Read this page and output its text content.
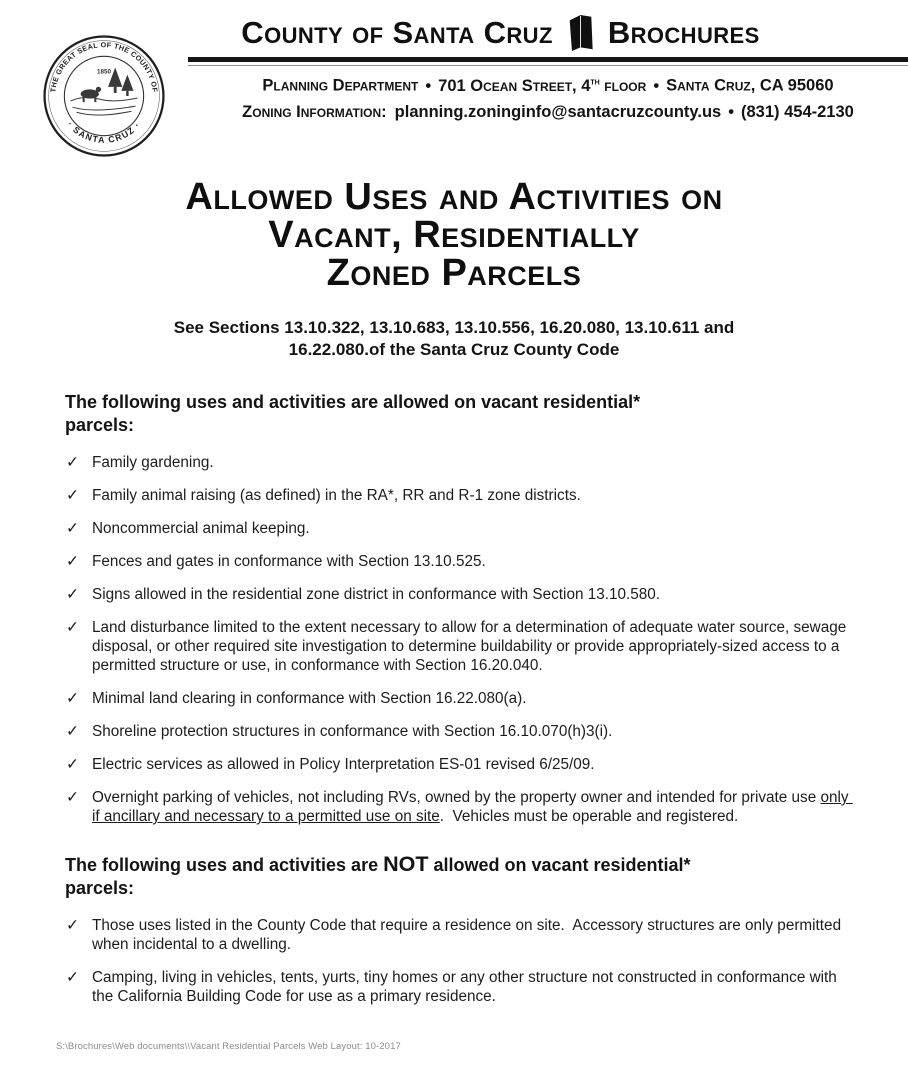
THE GREAT SEAL OF THE COUNTY OF
· SANTA CRUZ ·
1850
County of Santa Cruz Brochures
Planning Department • 701 Ocean Street, 4th floor • Santa Cruz, CA 95060
Zoning Information: planning.zoninginfo@santacruzcounty.us • (831) 454-2130
Allowed Uses and Activities on
Vacant, Residentially
Zoned Parcels
See Sections 13.10.322, 13.10.683, 13.10.556, 16.20.080, 13.10.611 and
16.22.080.of the Santa Cruz County Code
The following uses and activities are allowed on vacant residential*
parcels:
✓ Family gardening.
✓ Family animal raising (as defined) in the RA*, RR and R-1 zone districts.
✓ Noncommercial animal keeping.
✓ Fences and gates in conformance with Section 13.10.525.
✓ Signs allowed in the residential zone district in conformance with Section 13.10.580.
✓ Land disturbance limited to the extent necessary to allow for a determination of adequate water source, sewage disposal, or other required site investigation to determine buildability or provide appropriately-sized access to a permitted structure or use, in conformance with Section 16.20.040.
✓ Minimal land clearing in conformance with Section 16.22.080(a).
✓ Shoreline protection structures in conformance with Section 16.10.070(h)3(i).
✓ Electric services as allowed in Policy Interpretation ES-01 revised 6/25/09.
✓ Overnight parking of vehicles, not including RVs, owned by the property owner and intended for private use only if ancillary and necessary to a permitted use on site.  Vehicles must be operable and registered.
The following uses and activities are NOT allowed on vacant residential*
parcels:
✓ Those uses listed in the County Code that require a residence on site.  Accessory structures are only permitted when incidental to a dwelling.
✓ Camping, living in vehicles, tents, yurts, tiny homes or any other structure not constructed in conformance with the California Building Code for use as a primary residence.
S:\Brochures\Web documents\\Vacant Residential Parcels Web Layout: 10-2017
